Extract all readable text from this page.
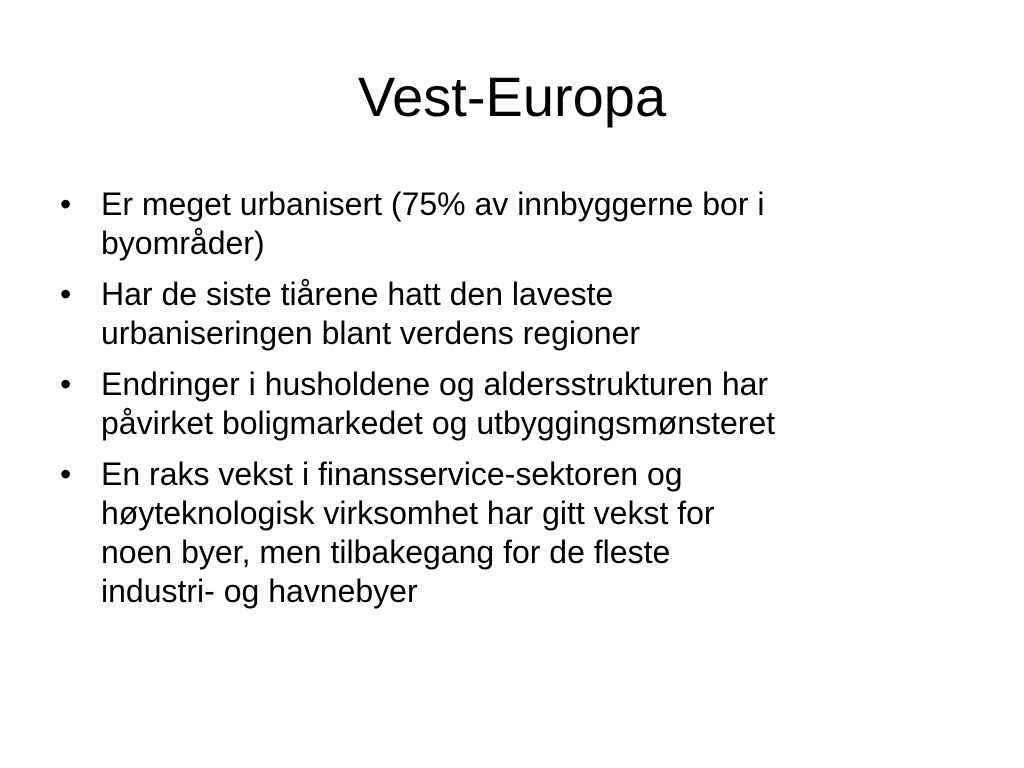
Vest-Europa
• Er meget urbanisert (75% av innbyggerne bor i
byområder)
• Har de siste tiårene hatt den laveste
urbaniseringen blant verdens regioner
• Endringer i husholdene og aldersstrukturen har
påvirket boligmarkedet og utbyggingsmønsteret
• En raks vekst i finansservice-sektoren og
høyteknologisk virksomhet har gitt vekst for
noen byer, men tilbakegang for de fleste
industri- og havnebyer
